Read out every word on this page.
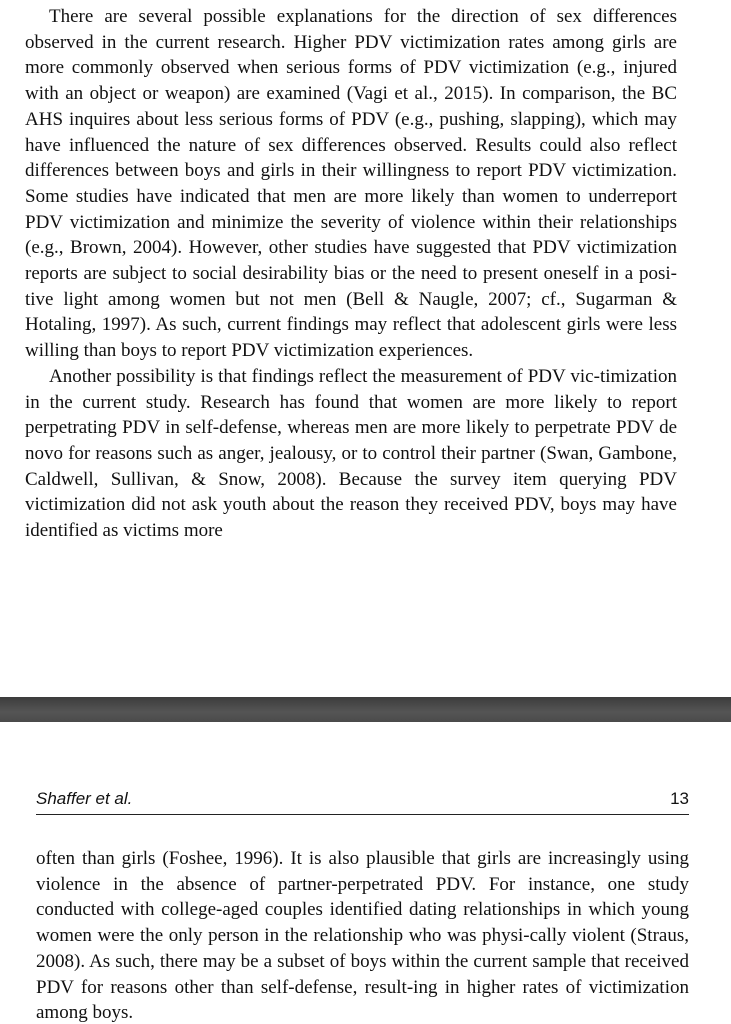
There are several possible explanations for the direction of sex differences observed in the current research. Higher PDV victimization rates among girls are more commonly observed when serious forms of PDV victimization (e.g., injured with an object or weapon) are examined (Vagi et al., 2015). In comparison, the BC AHS inquires about less serious forms of PDV (e.g., pushing, slapping), which may have influenced the nature of sex differences observed. Results could also reflect differences between boys and girls in their willingness to report PDV victimization. Some studies have indicated that men are more likely than women to underreport PDV victimization and minimize the severity of violence within their relationships (e.g., Brown, 2004). However, other studies have suggested that PDV victimization reports are subject to social desirability bias or the need to present oneself in a posi-tive light among women but not men (Bell & Naugle, 2007; cf., Sugarman & Hotaling, 1997). As such, current findings may reflect that adolescent girls were less willing than boys to report PDV victimization experiences.

Another possibility is that findings reflect the measurement of PDV vic-timization in the current study. Research has found that women are more likely to report perpetrating PDV in self-defense, whereas men are more likely to perpetrate PDV de novo for reasons such as anger, jealousy, or to control their partner (Swan, Gambone, Caldwell, Sullivan, & Snow, 2008). Because the survey item querying PDV victimization did not ask youth about the reason they received PDV, boys may have identified as victims more

Shaffer et al.	13

often than girls (Foshee, 1996). It is also plausible that girls are increasingly using violence in the absence of partner-perpetrated PDV. For instance, one study conducted with college-aged couples identified dating relationships in which young women were the only person in the relationship who was physi-cally violent (Straus, 2008). As such, there may be a subset of boys within the current sample that received PDV for reasons other than self-defense, result-ing in higher rates of victimization among boys.
